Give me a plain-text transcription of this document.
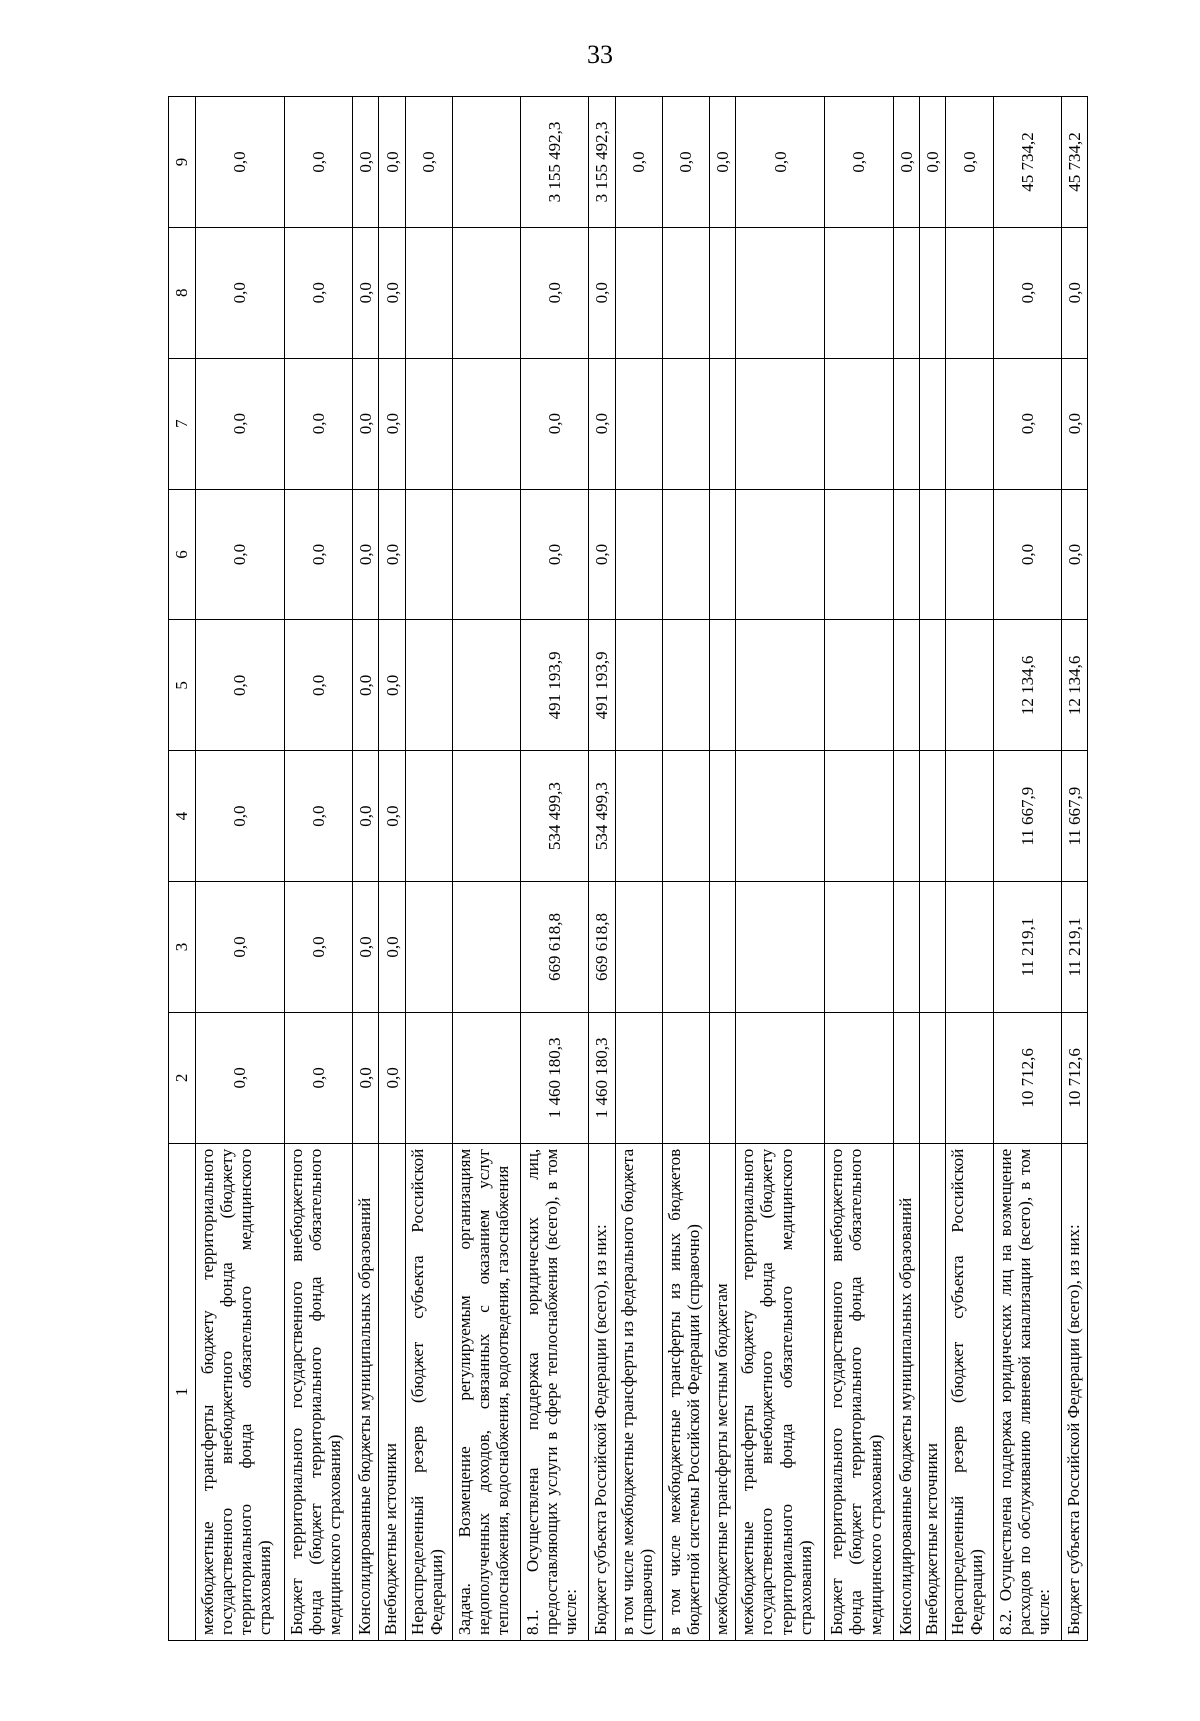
33
1	2	3	4	5	6	7	8	9
межбюджетные трансферты бюджету территориального государственного внебюджетного фонда (бюджету территориального фонда обязательного медицинского страхования)	0,0	0,0	0,0	0,0	0,0	0,0	0,0	0,0
Бюджет территориального государственного внебюджетного фонда (бюджет территориального фонда обязательного медицинского страхования)	0,0	0,0	0,0	0,0	0,0	0,0	0,0	0,0
Консолидированные бюджеты муниципальных образований	0,0	0,0	0,0	0,0	0,0	0,0	0,0	0,0
Внебюджетные источники	0,0	0,0	0,0	0,0	0,0	0,0	0,0	0,0
Нераспределенный резерв (бюджет субъекта Российской Федерации)								0,0
Задача. Возмещение регулируемым организациям недополученных доходов, связанных с оказанием услуг теплоснабжения, водоснабжения, водоотведения, газоснабжения								
8.1. Осуществлена поддержка юридических лиц, предоставляющих услуги в сфере теплоснабжения (всего), в том числе:	1 460 180,3	669 618,8	534 499,3	491 193,9	0,0	0,0	0,0	3 155 492,3
Бюджет субъекта Российской Федерации (всего), из них:	1 460 180,3	669 618,8	534 499,3	491 193,9	0,0	0,0	0,0	3 155 492,3
в том числе межбюджетные трансферты из федерального бюджета (справочно)								0,0
в том числе межбюджетные трансферты из иных бюджетов бюджетной системы Российской Федерации (справочно)								0,0
межбюджетные трансферты местным бюджетам								0,0
межбюджетные трансферты бюджету территориального государственного внебюджетного фонда (бюджету территориального фонда обязательного медицинского страхования)								0,0
Бюджет территориального государственного внебюджетного фонда (бюджет территориального фонда обязательного медицинского страхования)								0,0
Консолидированные бюджеты муниципальных образований								0,0
Внебюджетные источники								0,0
Нераспределенный резерв (бюджет субъекта Российской Федерации)								0,0
8.2. Осуществлена поддержка юридических лиц на возмещение расходов по обслуживанию ливневой канализации (всего), в том числе:	10 712,6	11 219,1	11 667,9	12 134,6	0,0	0,0	0,0	45 734,2
Бюджет субъекта Российской Федерации (всего), из них:	10 712,6	11 219,1	11 667,9	12 134,6	0,0	0,0	0,0	45 734,2
